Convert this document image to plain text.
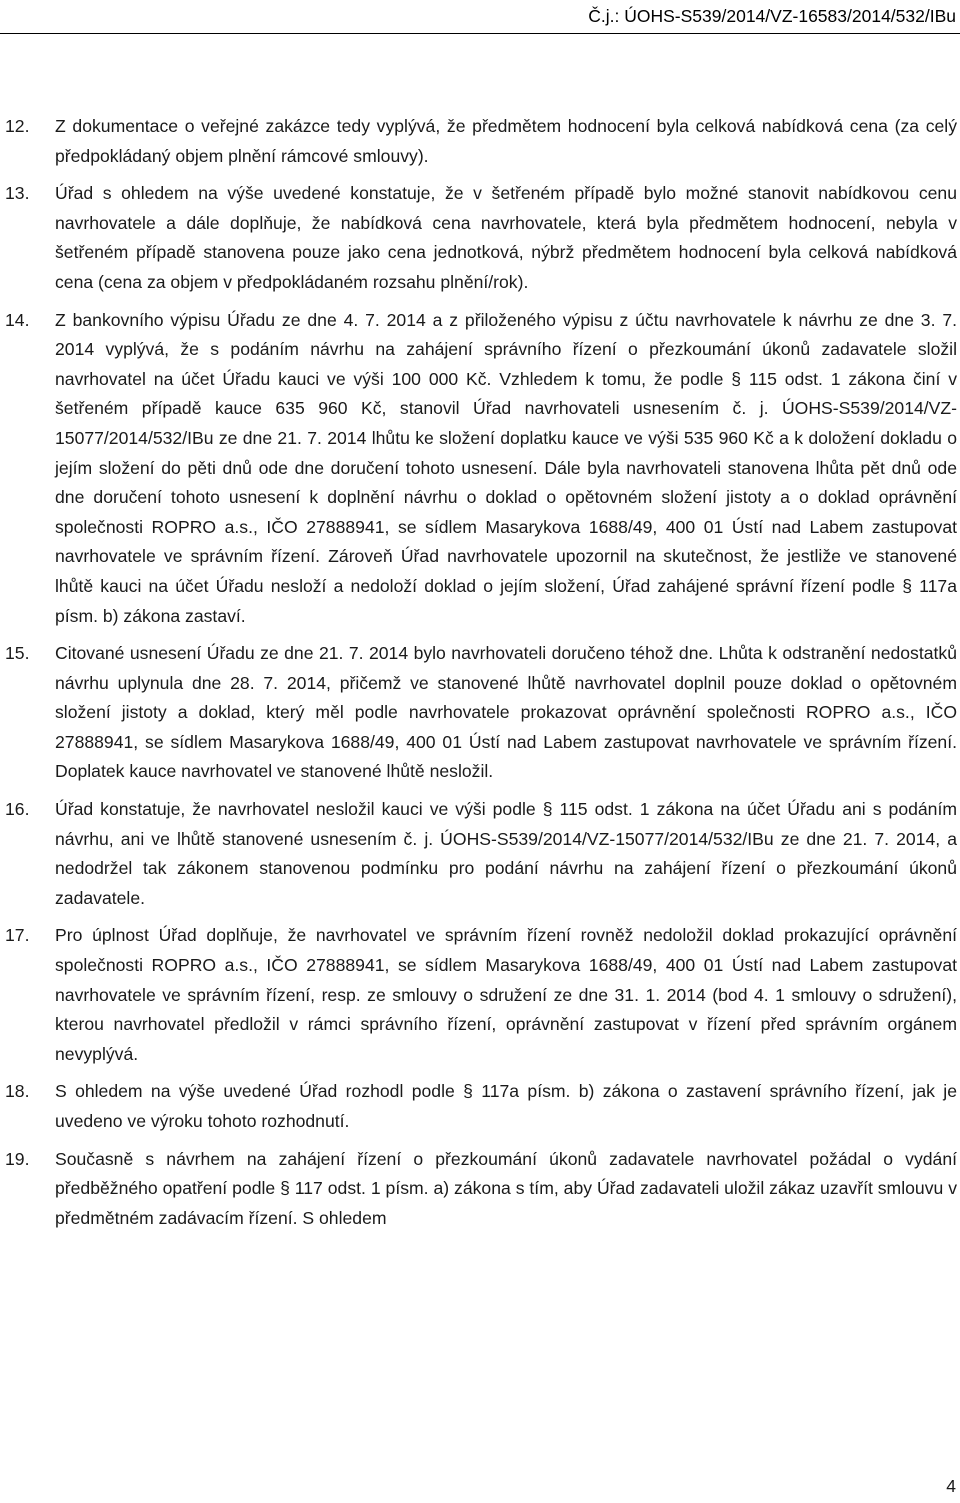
Č.j.: ÚOHS-S539/2014/VZ-16583/2014/532/IBu
12.	Z dokumentace o veřejné zakázce tedy vyplývá, že předmětem hodnocení byla celková nabídková cena (za celý předpokládaný objem plnění rámcové smlouvy).
13.	Úřad s ohledem na výše uvedené konstatuje, že v šetřeném případě bylo možné stanovit nabídkovou cenu navrhovatele a dále doplňuje, že nabídková cena navrhovatele, která byla předmětem hodnocení, nebyla v šetřeném případě stanovena pouze jako cena jednotková, nýbrž předmětem hodnocení byla celková nabídková cena (cena za objem v předpokládaném rozsahu plnění/rok).
14.	Z bankovního výpisu Úřadu ze dne 4. 7. 2014 a z přiloženého výpisu z účtu navrhovatele k návrhu ze dne 3. 7. 2014 vyplývá, že s podáním návrhu na zahájení správního řízení o přezkoumání úkonů zadavatele složil navrhovatel na účet Úřadu kauci ve výši 100 000 Kč. Vzhledem k tomu, že podle § 115 odst. 1 zákona činí v šetřeném případě kauce 635 960 Kč, stanovil Úřad navrhovateli usnesením č. j. ÚOHS-S539/2014/VZ-15077/2014/532/IBu ze dne 21. 7. 2014 lhůtu ke složení doplatku kauce ve výši 535 960 Kč a k doložení dokladu o jejím složení do pěti dnů ode dne doručení tohoto usnesení. Dále byla navrhovateli stanovena lhůta pět dnů ode dne doručení tohoto usnesení k doplnění návrhu o doklad o opětovném složení jistoty a o doklad oprávnění společnosti ROPRO a.s., IČO 27888941, se sídlem Masarykova 1688/49, 400 01 Ústí nad Labem zastupovat navrhovatele ve správním řízení. Zároveň Úřad navrhovatele upozornil na skutečnost, že jestliže ve stanovené lhůtě kauci na účet Úřadu nesloží a nedoloží doklad o jejím složení, Úřad zahájené správní řízení podle § 117a písm. b) zákona zastaví.
15.	Citované usnesení Úřadu ze dne 21. 7. 2014 bylo navrhovateli doručeno téhož dne. Lhůta k odstranění nedostatků návrhu uplynula dne 28. 7. 2014, přičemž ve stanovené lhůtě navrhovatel doplnil pouze doklad o opětovném složení jistoty a doklad, který měl podle navrhovatele prokazovat oprávnění společnosti ROPRO a.s., IČO 27888941, se sídlem Masarykova 1688/49, 400 01 Ústí nad Labem zastupovat navrhovatele ve správním řízení. Doplatek kauce navrhovatel ve stanovené lhůtě nesložil.
16.	Úřad konstatuje, že navrhovatel nesložil kauci ve výši podle § 115 odst. 1 zákona na účet Úřadu ani s podáním návrhu, ani ve lhůtě stanovené usnesením č. j. ÚOHS-S539/2014/VZ-15077/2014/532/IBu ze dne 21. 7. 2014, a nedodržel tak zákonem stanovenou podmínku pro podání návrhu na zahájení řízení o přezkoumání úkonů zadavatele.
17.	Pro úplnost Úřad doplňuje, že navrhovatel ve správním řízení rovněž nedoložil doklad prokazující oprávnění společnosti ROPRO a.s., IČO 27888941, se sídlem Masarykova 1688/49, 400 01 Ústí nad Labem zastupovat navrhovatele ve správním řízení, resp. ze smlouvy o sdružení ze dne 31. 1. 2014 (bod 4. 1 smlouvy o sdružení), kterou navrhovatel předložil v rámci správního řízení, oprávnění zastupovat v řízení před správním orgánem nevyplývá.
18.	S ohledem na výše uvedené Úřad rozhodl podle § 117a písm. b) zákona o zastavení správního řízení, jak je uvedeno ve výroku tohoto rozhodnutí.
19.	Současně s návrhem na zahájení řízení o přezkoumání úkonů zadavatele navrhovatel požádal o vydání předběžného opatření podle § 117 odst. 1 písm. a) zákona s tím, aby Úřad zadavateli uložil zákaz uzavřít smlouvu v předmětném zadávacím řízení. S ohledem
4
